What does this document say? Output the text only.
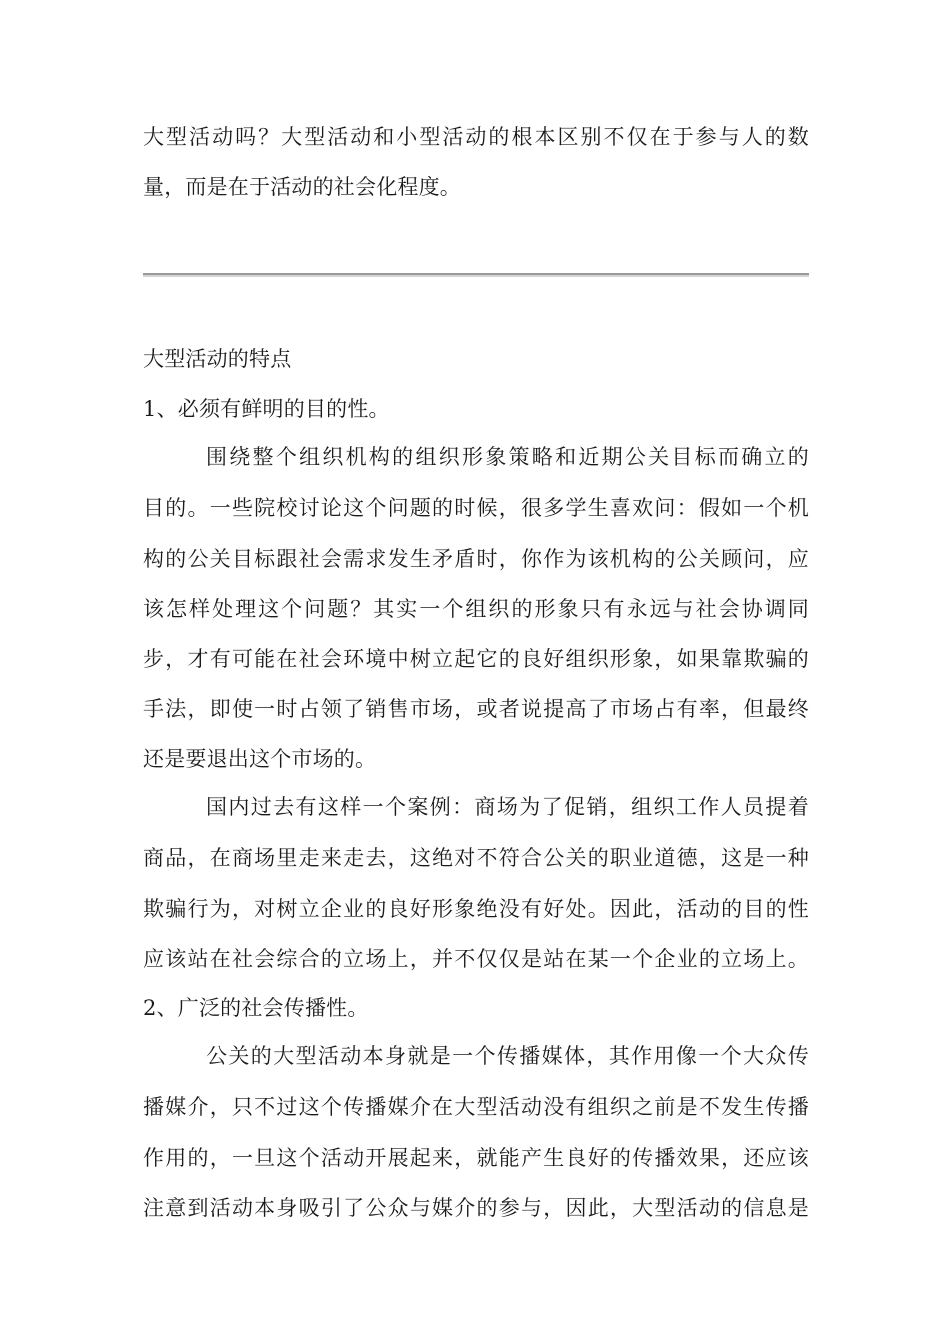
大型活动吗？大型活动和小型活动的根本区别不仅在于参与人的数
量，而是在于活动的社会化程度。
大型活动的特点
1、必须有鲜明的目的性。
围绕整个组织机构的组织形象策略和近期公关目标而确立的
目的。一些院校讨论这个问题的时候，很多学生喜欢问：假如一个机
构的公关目标跟社会需求发生矛盾时，你作为该机构的公关顾问，应
该怎样处理这个问题？其实一个组织的形象只有永远与社会协调同
步，才有可能在社会环境中树立起它的良好组织形象，如果靠欺骗的
手法，即使一时占领了销售市场，或者说提高了市场占有率，但最终
还是要退出这个市场的。
国内过去有这样一个案例：商场为了促销，组织工作人员提着
商品，在商场里走来走去，这绝对不符合公关的职业道德，这是一种
欺骗行为，对树立企业的良好形象绝没有好处。因此，活动的目的性
应该站在社会综合的立场上，并不仅仅是站在某一个企业的立场上。
2、广泛的社会传播性。
公关的大型活动本身就是一个传播媒体，其作用像一个大众传
播媒介，只不过这个传播媒介在大型活动没有组织之前是不发生传播
作用的，一旦这个活动开展起来，就能产生良好的传播效果，还应该
注意到活动本身吸引了公众与媒介的参与，因此，大型活动的信息是
